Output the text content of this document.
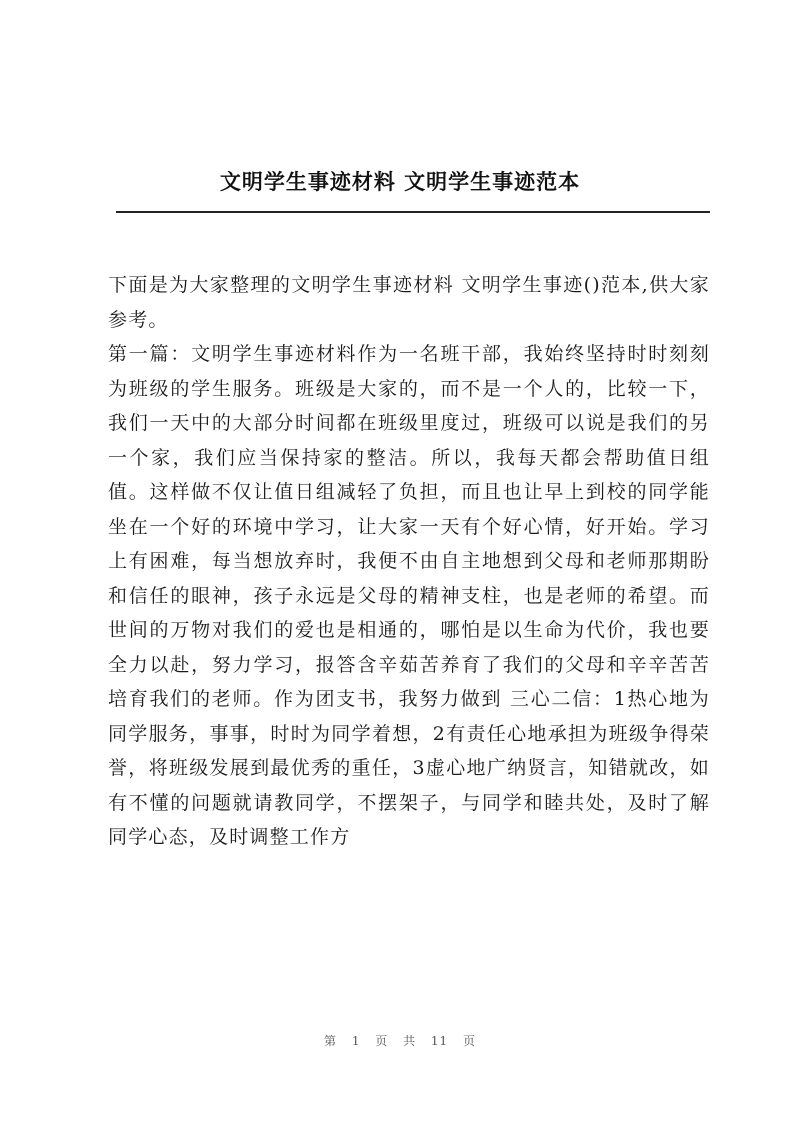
文明学生事迹材料 文明学生事迹范本

下面是为大家整理的文明学生事迹材料 文明学生事迹()范本,供大家参考。

第一篇：文明学生事迹材料作为一名班干部，我始终坚持时时刻刻为班级的学生服务。班级是大家的，而不是一个人的，比较一下，我们一天中的大部分时间都在班级里度过，班级可以说是我们的另一个家，我们应当保持家的整洁。所以，我每天都会帮助值日组值。这样做不仅让值日组减轻了负担，而且也让早上到校的同学能坐在一个好的环境中学习，让大家一天有个好心情，好开始。学习上有困难，每当想放弃时，我便不由自主地想到父母和老师那期盼和信任的眼神，孩子永远是父母的精神支柱，也是老师的希望。而世间的万物对我们的爱也是相通的，哪怕是以生命为代价，我也要全力以赴，努力学习，报答含辛茹苦养育了我们的父母和辛辛苦苦培育我们的老师。作为团支书，我努力做到 三心二信：1热心地为同学服务，事事，时时为同学着想，2有责任心地承担为班级争得荣誉，将班级发展到最优秀的重任，3虚心地广纳贤言，知错就改，如有不懂的问题就请教同学，不摆架子，与同学和睦共处，及时了解同学心态，及时调整工作方

第 1 页 共 11 页
